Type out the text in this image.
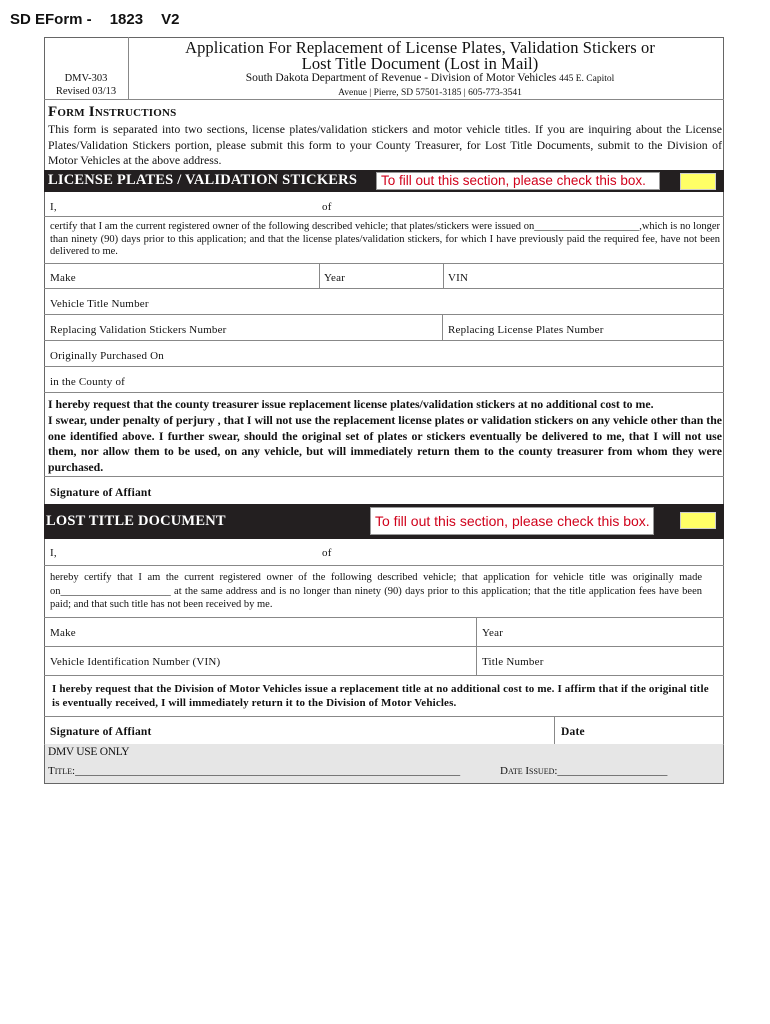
SD EForm - 1823 V2
Application For Replacement of License Plates, Validation Stickers or
Lost Title Document (Lost in Mail)
DMV-303
Revised 03/13
South Dakota Department of Revenue - Division of Motor Vehicles 445 E. Capitol
Avenue | Pierre, SD 57501-3185 | 605-773-3541
Form Instructions
This form is separated into two sections, license plates/validation stickers and motor vehicle titles. If you are inquiring about the License Plates/Validation Stickers portion, please submit this form to your County Treasurer, for Lost Title Documents, submit to the Division of Motor Vehicles at the above address.
LICENSE PLATES / VALIDATION STICKERS	To fill out this section, please check this box.
I,	of
certify that I am the current registered owner of the following described vehicle; that plates/stickers were issued on____________________,which is no longer than ninety (90) days prior to this application; and that the license plates/validation stickers, for which I have previously paid the required fee, have not been delivered to me.
Make	Year	VIN
Vehicle Title Number
Replacing Validation Stickers Number	Replacing License Plates Number
Originally Purchased On
in the County of
I hereby request that the county treasurer issue replacement license plates/validation stickers at no additional cost to me.
I swear, under penalty of perjury , that I will not use the replacement license plates or validation stickers on any vehicle other than the one identified above. I further swear, should the original set of plates or stickers eventually be delivered to me, that I will not use them, nor allow them to be used, on any vehicle, but will immediately return them to the county treasurer from whom they were purchased.
Signature of Affiant
LOST TITLE DOCUMENT	To fill out this section, please check this box.
I,	of
hereby certify that I am the current registered owner of the following described vehicle; that application for vehicle title was originally made on_____________________ at the same address and is no longer than ninety (90) days prior to this application; that the title application fees have been paid; and that such title has not been received by me.
Make	Year
Vehicle Identification Number (VIN)	Title Number
I hereby request that the Division of Motor Vehicles issue a replacement title at no additional cost to me. I affirm that if the original title is eventually received, I will immediately return it to the Division of Motor Vehicles.
Signature of Affiant	Date
DMV USE ONLY
Title:______________________________________________________________________	Date Issued:____________________
